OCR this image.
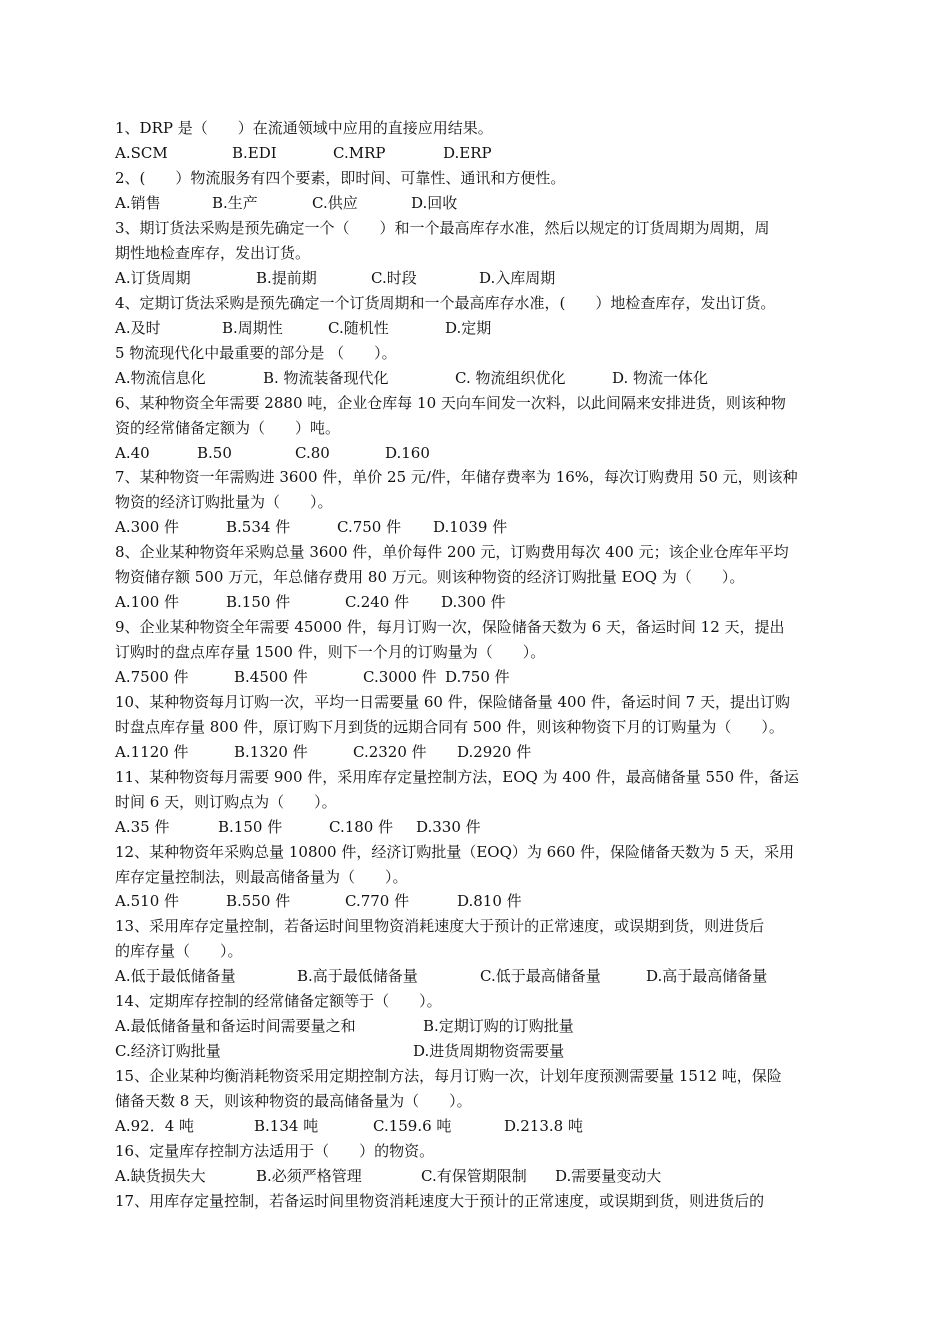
1、DRP 是（　　）在流通领域中应用的直接应用结果。

A.SCM

	B.EDI

	C.MRP

	D.ERP

2、(　　）物流服务有四个要素，即时间、可靠性、通讯和方便性。

A.销售

	B.生产

	C.供应

	D.回收

3、期订货法采购是预先确定一个（　　）和一个最高库存水准，然后以规定的订货周期为周期，周
期性地检查库存，发出订货。

A.订货周期

	B.提前期

	C.时段

	D.入库周期

4、定期订货法采购是预先确定一个订货周期和一个最高库存水准，(　　）地检查库存，发出订货。

A.及时

	B.周期性

	C.随机性

	D.定期

5 物流现代化中最重要的部分是 （　　）。

A.物流信息化

	B. 物流装备现代化

	C. 物流组织优化

	D. 物流一体化

6、某种物资全年需要 2880 吨，企业仓库每 10 天向车间发一次料，以此间隔来安排进货，则该种物
资的经常储备定额为（　　）吨。

A.40

	B.50

	C.80

	D.160

7、某种物资一年需购进 3600 件，单价 25 元/件，年储存费率为 16%，每次订购费用 50 元，则该种
物资的经济订购批量为（　　）。

A.300 件

	B.534 件

	C.750 件

D.1039 件

8、企业某种物资年采购总量 3600 件，单价每件 200 元，订购费用每次 400 元；该企业仓库年平均
物资储存额 500 万元，年总储存费用 80 万元。则该种物资的经济订购批量 EOQ 为（　　）。

A.100 件

	B.150 件

	C.240 件

D.300 件

9、企业某种物资全年需要 45000 件，每月订购一次，保险储备天数为 6 天，备运时间 12 天，提出
订购时的盘点库存量 1500 件，则下一个月的订购量为（　　）。

A.7500 件

	B.4500 件

	C.3000 件

D.750 件

10、某种物资每月订购一次，平均一日需要量 60 件，保险储备量 400 件，备运时间 7 天，提出订购
时盘点库存量 800 件，原订购下月到货的远期合同有 500 件，则该种物资下月的订购量为（　　）。

A.1120 件

	B.1320 件

	C.2320 件

D.2920 件

11、某种物资每月需要 900 件，采用库存定量控制方法，EOQ 为 400 件，最高储备量 550 件，备运
时间 6 天，则订购点为（　　）。

A.35 件

	B.150 件

	C.180 件

D.330 件

12、某种物资年采购总量 10800 件，经济订购批量（EOQ）为 660 件，保险储备天数为 5 天，采用
库存定量控制法，则最高储备量为（　　）。

A.510 件

	B.550 件

	C.770 件

	D.810 件

13、采用库存定量控制，若备运时间里物资消耗速度大于预计的正常速度，或误期到货，则进货后
的库存量（　　）。

A.低于最低储备量

	B.高于最低储备量

	C.低于最高储备量

	D.高于最高储备量

14、定期库存控制的经常储备定额等于（　　）。

A.最低储备量和备运时间需要量之和

	B.定期订购的订购批量

C.经济订购批量

	D.进货周期物资需要量

15、企业某种均衡消耗物资采用定期控制方法，每月订购一次，计划年度预测需要量 1512 吨，保险
储备天数 8 天，则该种物资的最高储备量为（　　）。

A.92．4 吨

	B.134 吨

	C.159.6 吨

	D.213.8 吨

16、定量库存控制方法适用于（　　）的物资。

A.缺货损失大

	B.必须严格管理

	C.有保管期限制

D.需要量变动大

17、用库存定量控制，若备运时间里物资消耗速度大于预计的正常速度，或误期到货，则进货后的
